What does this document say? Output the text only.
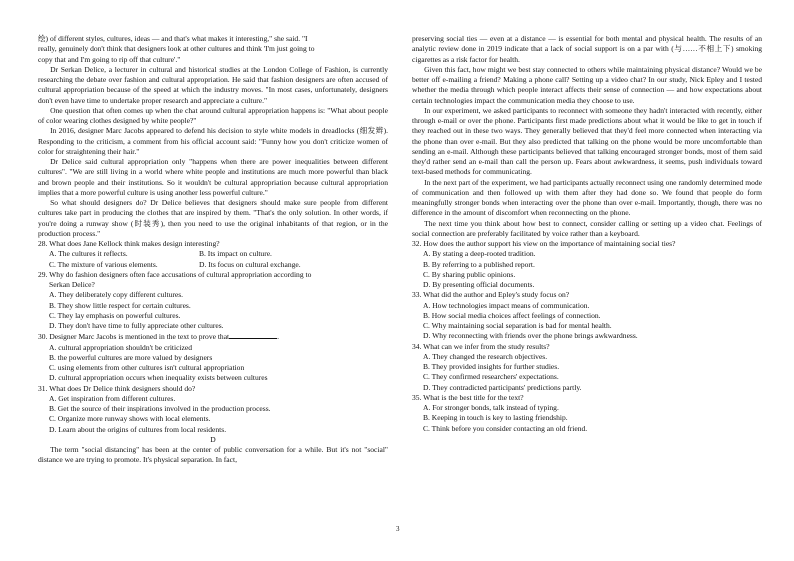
绘) of different styles, cultures, ideas — and that's what makes it interesting," she said. "I
really, genuinely don't think that designers look at other cultures and think 'I'm just going to
copy that and I'm going to rip off that culture'."

Dr Serkan Delice, a lecturer in cultural and historical studies at the London College of Fashion, is currently researching the debate over fashion and cultural appropriation. He said that fashion designers are often accused of cultural appropriation because of the speed at which the industry moves. "In most cases, unfortunately, designers don't even have time to undertake proper research and appreciate a culture."

One question that often comes up when the chat around cultural appropriation happens is: "What about people of color wearing clothes designed by white people?"

In 2016, designer Marc Jacobs appeared to defend his decision to style white models in dreadlocks (细发辫). Responding to the criticism, a comment from his official account said: "Funny how you don't criticize women of color for straightening their hair."

Dr Delice said cultural appropriation only "happens when there are power inequalities between different cultures". "We are still living in a world where white people and institutions are much more powerful than black and brown people and their institutions. So it wouldn't be cultural appropriation because cultural appropriation implies that a more powerful culture is using another less powerful culture."

So what should designers do? Dr Delice believes that designers should make sure people from different cultures take part in producing the clothes that are inspired by them. "That's the only solution. In other words, if you're doing a runway show (时装秀), then you need to use the original inhabitants of that region, or in the production process."

28. What does Jane Kellock think makes design interesting?
A. The cultures it reflects.	B. Its impact on culture.
C. The mixture of various elements.	D. Its focus on cultural exchange.
29. Why do fashion designers often face accusations of cultural appropriation according to
Serkan Delice?
A. They deliberately copy different cultures.
B. They show little respect for certain cultures.
C. They lay emphasis on powerful cultures.
D. They don't have time to fully appreciate other cultures.
30. Designer Marc Jacobs is mentioned in the text to prove that	.
A. cultural appropriation shouldn't be criticized
B. the powerful cultures are more valued by designers
C. using elements from other cultures isn't cultural appropriation
D. cultural appropriation occurs when inequality exists between cultures
31. What does Dr Delice think designers should do?
A. Get inspiration from different cultures.
B. Get the source of their inspirations involved in the production process.
C. Organize more runway shows with local elements.
D. Learn about the origins of cultures from local residents.
D

The term "social distancing" has been at the center of public conversation for a while. But it's not "social" distance we are trying to promote. It's physical separation. In fact,

preserving social ties — even at a distance — is essential for both mental and physical health. The results of an analytic review done in 2019 indicate that a lack of social support is on a par with (与……不相上下) smoking cigarettes as a risk factor for health.

Given this fact, how might we best stay connected to others while maintaining physical distance? Would we be better off e-mailing a friend? Making a phone call? Setting up a video chat? In our study, Nick Epley and I tested whether the media through which people interact affects their sense of connection — and how expectations about certain technologies impact the communication media they choose to use.

In our experiment, we asked participants to reconnect with someone they hadn't interacted with recently, either through e-mail or over the phone. Participants first made predictions about what it would be like to get in touch if they reached out in these two ways. They generally believed that they'd feel more connected when interacting via the phone than over e-mail. But they also predicted that talking on the phone would be more uncomfortable than sending an e-mail. Although these participants believed that talking encouraged stronger bonds, most of them said they'd rather send an e-mail than call the person up. Fears about awkwardness, it seems, push individuals toward text-based methods for communicating.

In the next part of the experiment, we had participants actually reconnect using one randomly determined mode of communication and then followed up with them after they had done so. We found that people do form meaningfully stronger bonds when interacting over the phone than over e-mail. Importantly, though, there was no difference in the amount of discomfort when reconnecting on the phone.

The next time you think about how best to connect, consider calling or setting up a video chat. Feelings of social connection are preferably facilitated by voice rather than a keyboard.

32. How does the author support his view on the importance of maintaining social ties?
A. By stating a deep-rooted tradition.
B. By referring to a published report.
C. By sharing public opinions.
D. By presenting official documents.
33. What did the author and Epley's study focus on?
A. How technologies impact means of communication.
B. How social media choices affect feelings of connection.
C. Why maintaining social separation is bad for mental health.
D. Why reconnecting with friends over the phone brings awkwardness.
34. What can we infer from the study results?
A. They changed the research objectives.
B. They provided insights for further studies.
C. They confirmed researchers' expectations.
D. They contradicted participants' predictions partly.
35. What is the best title for the text?
A. For stronger bonds, talk instead of typing.
B. Keeping in touch is key to lasting friendship.
C. Think before you consider contacting an old friend.
3
